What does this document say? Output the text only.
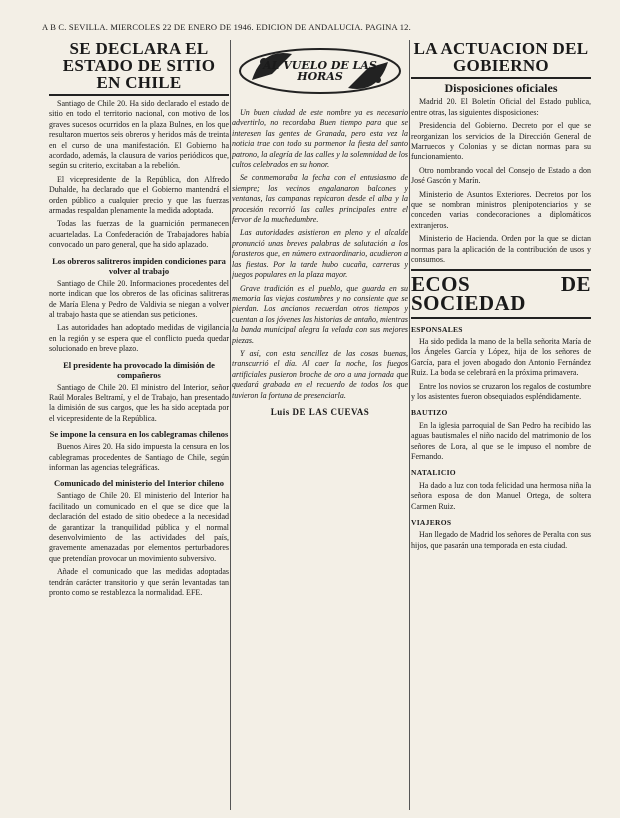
A B C. SEVILLA. MIERCOLES 22 DE ENERO DE 1946. EDICION DE ANDALUCIA. PAGINA 12.
SE DECLARA EL ESTADO DE SITIO EN CHILE

Santiago de Chile 20. Ha sido declarado el estado de sitio en todo el territorio nacional, con motivo de los graves sucesos ocurridos en la plaza Bulnes, en los que resultaron muertos seis obreros y heridos más de treinta en el curso de una manifestación. El Gobierno ha acordado, además, la clausura de varios periódicos que, según su criterio, excitaban a la rebelión.

El vicepresidente de la República, don Alfredo Duhalde, ha declarado que el Gobierno mantendrá el orden público a cualquier precio y que las fuerzas armadas respaldan plenamente la medida adoptada.

Todas las fuerzas de la guarnición permanecen acuarteladas. La Confederación de Trabajadores había convocado un paro general, que ha sido aplazado.

Los obreros salitreros impiden condiciones para volver al trabajo

Santiago de Chile 20. Informaciones procedentes del norte indican que los obreros de las oficinas salitreras de María Elena y Pedro de Valdivia se niegan a volver al trabajo hasta que se atiendan sus peticiones.

Las autoridades han adoptado medidas de vigilancia en la región y se espera que el conflicto pueda quedar solucionado en breve plazo.

El presidente ha provocado la dimisión de compañeros

Santiago de Chile 20. El ministro del Interior, señor Raúl Morales Beltramí, y el de Trabajo, han presentado la dimisión de sus cargos, que les ha sido aceptada por el vicepresidente de la República.

Se impone la censura en los cablegramas chilenos

Buenos Aires 20. Ha sido impuesta la censura en los cablegramas procedentes de Santiago de Chile, según informan las agencias telegráficas.

Comunicado del ministerio del Interior chileno

Santiago de Chile 20. El ministerio del Interior ha facilitado un comunicado en el que se dice que la declaración del estado de sitio obedece a la necesidad de garantizar la tranquilidad pública y el normal desenvolvimiento de las actividades del país, gravemente amenazadas por elementos perturbadores que pretendían provocar un movimiento subversivo.

Añade el comunicado que las medidas adoptadas tendrán carácter transitorio y que serán levantadas tan pronto como se restablezca la normalidad. EFE.

AL VUELO DE LAS HORAS

Un buen ciudad de este nombre ya es necesario advertirlo, no recordaba Buen tiempo para que se interesen las gentes de Granada, pero esta vez la noticia trae con todo su pormenor la fiesta del santo patrono, la alegría de las calles y la solemnidad de los cultos celebrados en su honor.

Se conmemoraba la fecha con el entusiasmo de siempre; los vecinos engalanaron balcones y ventanas, las campanas repicaron desde el alba y la procesión recorrió las calles principales entre el fervor de la muchedumbre.

Las autoridades asistieron en pleno y el alcalde pronunció unas breves palabras de salutación a los forasteros que, en número extraordinario, acudieron a las fiestas. Por la tarde hubo cucaña, carreras y juegos populares en la plaza mayor.

Grave tradición es el pueblo, que guarda en su memoria las viejas costumbres y no consiente que se pierdan. Los ancianos recuerdan otros tiempos y cuentan a los jóvenes las historias de antaño, mientras la banda municipal alegra la velada con sus mejores piezas.

Y así, con esta sencillez de las cosas buenas, transcurrió el día. Al caer la noche, los fuegos artificiales pusieron broche de oro a una jornada que quedará grabada en el recuerdo de todos los que tuvieron la fortuna de presenciarla.

Luis DE LAS CUEVAS
LA ACTUACION DEL GOBIERNO
Disposiciones oficiales

Madrid 20. El Boletín Oficial del Estado publica, entre otras, las siguientes disposiciones:

Presidencia del Gobierno. Decreto por el que se reorganizan los servicios de la Dirección General de Marruecos y Colonias y se dictan normas para su funcionamiento.

Otro nombrando vocal del Consejo de Estado a don José Gascón y Marín.

Ministerio de Asuntos Exteriores. Decretos por los que se nombran ministros plenipotenciarios y se conceden varias condecoraciones a diplomáticos extranjeros.

Ministerio de Hacienda. Orden por la que se dictan normas para la aplicación de la contribución de usos y consumos.

ECOS DE SOCIEDAD
ESPONSALES

Ha sido pedida la mano de la bella señorita María de los Ángeles García y López, hija de los señores de García, para el joven abogado don Antonio Fernández Ruiz. La boda se celebrará en la próxima primavera.

Entre los novios se cruzaron los regalos de costumbre y los asistentes fueron obsequiados espléndidamente.

BAUTIZO

En la iglesia parroquial de San Pedro ha recibido las aguas bautismales el niño nacido del matrimonio de los señores de Lora, al que se le impuso el nombre de Fernando.

NATALICIO

Ha dado a luz con toda felicidad una hermosa niña la señora esposa de don Manuel Ortega, de soltera Carmen Ruiz.

VIAJEROS

Han llegado de Madrid los señores de Peralta con sus hijos, que pasarán una temporada en esta ciudad.
